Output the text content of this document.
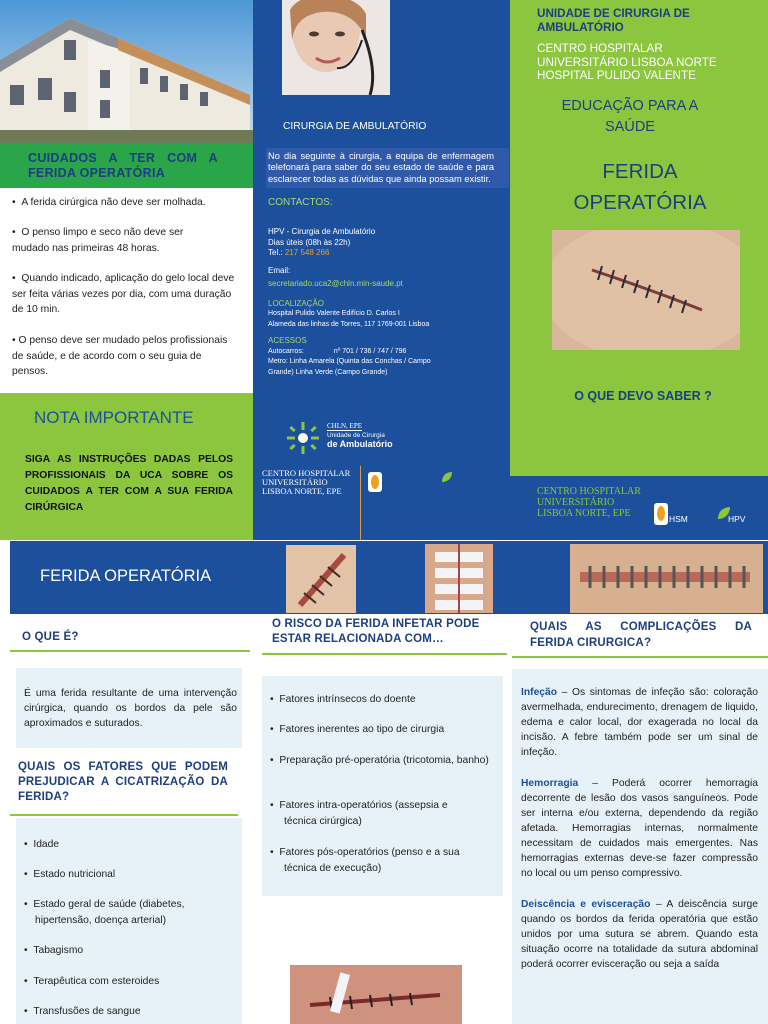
CUIDADOS A TER COM A FERIDA OPERATÓRIA
•  A ferida cirúrgica não deve ser molhada.
•  O penso limpo e seco não deve ser mudado nas primeiras 48 horas.
•  Quando indicado, aplicação do gelo local deve ser feita várias vezes por dia, com uma duração de 10 min.
• O penso deve ser mudado pelos profissionais de saúde, e de acordo com o seu guia de pensos.
NOTA IMPORTANTE
SIGA AS INSTRUÇÕES DADAS PELOS PROFISSIONAIS DA UCA SOBRE OS CUIDADOS A TER COM A SUA FERIDA CIRÚRGICA
CIRURGIA DE AMBULATÓRIO
No dia seguinte à cirurgia, a equipa de enfermagem telefonará para saber do seu estado de saúde e para esclarecer todas as dúvidas que ainda possam existir.
CONTACTOS:
HPV - Cirurgia de Ambulatório
Dias úteis (08h às 22h)
Tel.: 217 548 266
Email:
secretariado.uca2@chln.min-saude.pt
LOCALIZAÇÃO
Hospital Pulido Valente Edifício D. Carlos I
Alameda das linhas de Torres, 117 1769-001 Lisboa
ACESSOS
Autocarros:	nº 701 / 736 / 747 / 796
Metro: Linha Amarela (Quinta das Conchas / Campo
Grande) Linha Verde (Campo Grande)
CHLN, EPE
Unidade de Cirurgia
de Ambulatório
CENTRO HOSPITALAR
UNIVERSITÁRIO
LISBOA NORTE, EPE
UNIDADE DE CIRURGIA DE AMBULATÓRIO
CENTRO HOSPITALAR
UNIVERSITÁRIO LISBOA NORTE
HOSPITAL PULIDO VALENTE
EDUCAÇÃO PARA A SAÚDE
FERIDA OPERATÓRIA
O QUE DEVO SABER ?
CENTRO HOSPITALAR
UNIVERSITÁRIO
LISBOA NORTE, EPE	HSM	HPV
FERIDA OPERATÓRIA
O QUE É?
É uma ferida resultante de uma intervenção cirúrgica, quando os bordos da pele são aproximados e suturados.
QUAIS OS FATORES QUE PODEM PREJUDICAR A CICATRIZAÇÃO DA FERIDA?
•  Idade
•  Estado nutricional
•  Estado geral de saúde (diabetes, hipertensão, doença arterial)
•  Tabagismo
•  Terapêutica com esteroides
•  Transfusões de sangue
O RISCO DA FERIDA INFETAR PODE ESTAR RELACIONADA COM…
•  Fatores intrínsecos do doente
•  Fatores inerentes ao tipo de cirurgia
•  Preparação pré-operatória (tricotomia, banho)
•  Fatores intra-operatórios (assepsia e técnica cirúrgica)
•  Fatores pós-operatórios (penso e a sua técnica de execução)
QUAIS AS COMPLICAÇÕES DA FERIDA CIRURGICA?

Infeção – Os sintomas de infeção são: coloração avermelhada, endurecimento, drenagem de liquido, edema e calor local, dor exagerada no local da incisão. A febre também pode ser um sinal de infeção.

Hemorragia – Poderá ocorrer hemorragia decorrente de lesão dos vasos sanguíneos. Pode ser interna e/ou externa, dependendo da região afetada. Hemorragias internas, normalmente necessitam de cuidados mais emergentes. Nas hemorragias externas deve-se fazer compressão no local ou um penso compressivo.

Deiscência e evisceração – A deiscência surge quando os bordos da ferida operatória que estão unidos por uma sutura se abrem. Quando esta situação ocorre na totalidade da sutura abdominal poderá ocorrer evisceração ou seja a saída
